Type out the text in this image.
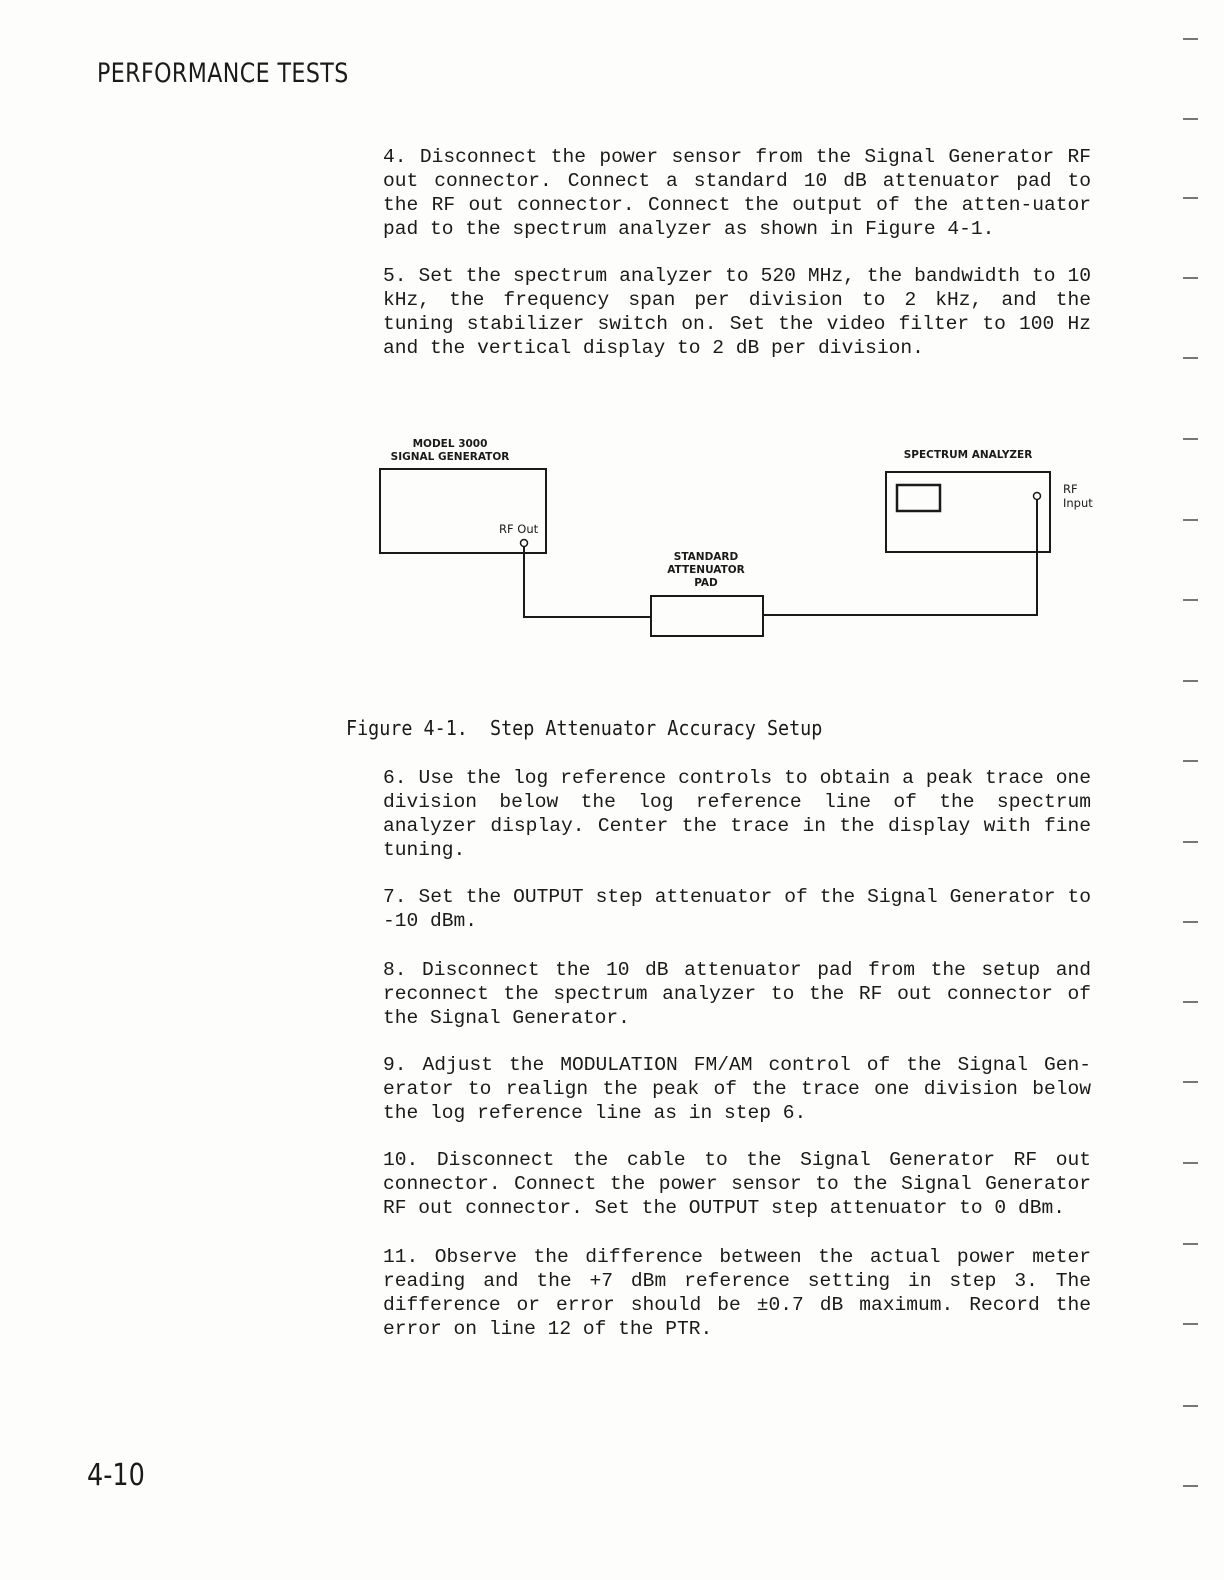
PERFORMANCE TESTS

4. Disconnect the power sensor from the Signal Generator RF out connector. Connect a standard 10 dB attenuator pad to the RF out connector. Connect the output of the atten-uator pad to the spectrum analyzer as shown in Figure 4-1.

5. Set the spectrum analyzer to 520 MHz, the bandwidth to 10 kHz, the frequency span per division to 2 kHz, and the tuning stabilizer switch on. Set the video filter to 100 Hz and the vertical display to 2 dB per division.

MODEL 3000
SIGNAL GENERATOR
RF Out
STANDARD
ATTENUATOR
PAD
SPECTRUM ANALYZER
RF
Input
Figure 4-1.  Step Attenuator Accuracy Setup

6. Use the log reference controls to obtain a peak trace one division below the log reference line of the spectrum analyzer display. Center the trace in the display with fine tuning.

7. Set the OUTPUT step attenuator of the Signal Generator to -10 dBm.

8. Disconnect the 10 dB attenuator pad from the setup and reconnect the spectrum analyzer to the RF out connector of the Signal Generator.

9. Adjust the MODULATION FM/AM control of the Signal Gen-erator to realign the peak of the trace one division below the log reference line as in step 6.

10. Disconnect the cable to the Signal Generator RF out connector. Connect the power sensor to the Signal Generator RF out connector. Set the OUTPUT step attenuator to 0 dBm.

11. Observe the difference between the actual power meter reading and the +7 dBm reference setting in step 3. The difference or error should be ±0.7 dB maximum. Record the error on line 12 of the PTR.

4-10
